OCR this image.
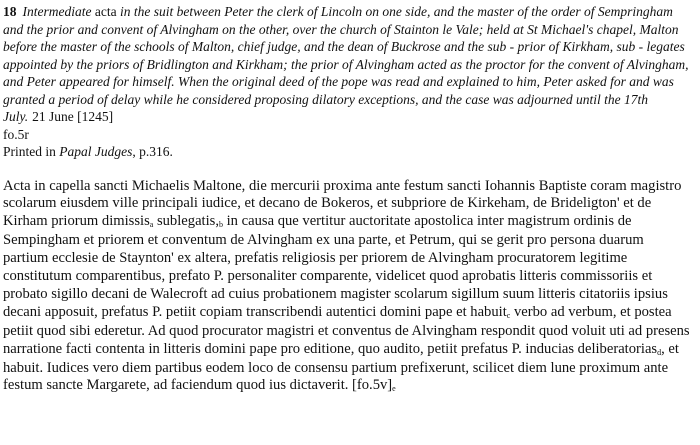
18 Intermediate acta in the suit between Peter the clerk of Lincoln on one side, and the master of the order of Sempringham and the prior and convent of Alvingham on the other, over the church of Stainton le Vale; held at St Michael's chapel, Malton before the master of the schools of Malton, chief judge, and the dean of Buckrose and the sub - prior of Kirkham, sub - legates appointed by the priors of Bridlington and Kirkham; the prior of Alvingham acted as the proctor for the convent of Alvingham, and Peter appeared for himself. When the original deed of the pope was read and explained to him, Peter asked for and was granted a period of delay while he considered proposing dilatory exceptions, and the case was adjourned until the 17th July. 21 June [1245]

fo.5r

Printed in Papal Judges, p.316.

Acta in capella sancti Michaelis Maltone, die mercurii proxima ante festum sancti Iohannis Baptiste coram magistro scolarum eiusdem ville principali iudice, et decano de Bokeros, et subpriore de Kirkeham, de Brideligton' et de Kirham priorum dimissisa sublegatis,b in causa que vertitur auctoritate apostolica inter magistrum ordinis de Sempingham et priorem et conventum de Alvingham ex una parte, et Petrum, qui se gerit pro persona duarum partium ecclesie de Staynton' ex altera, prefatis religiosis per priorem de Alvingham procuratorem legitime constitutum comparentibus, prefato P. personaliter comparente, videlicet quod aprobatis litteris commissoriis et probato sigillo decani de Walecroft ad cuius probationem magister scolarum sigillum suum litteris citatoriis ipsius decani apposuit, prefatus P. petiit copiam transcribendi autentici domini pape et habuitc verbo ad verbum, et postea petiit quod sibi ederetur. Ad quod procurator magistri et conventus de Alvingham respondit quod voluit uti ad presens narratione facti contenta in litteris domini pape pro editione, quo audito, petiit prefatus P. inducias deliberatoriasd, et habuit. Iudices vero diem partibus eodem loco de consensu partium prefixerunt, scilicet diem lune proximum ante festum sancte Margarete, ad faciendum quod ius dictaverit. [fo.5v]e
